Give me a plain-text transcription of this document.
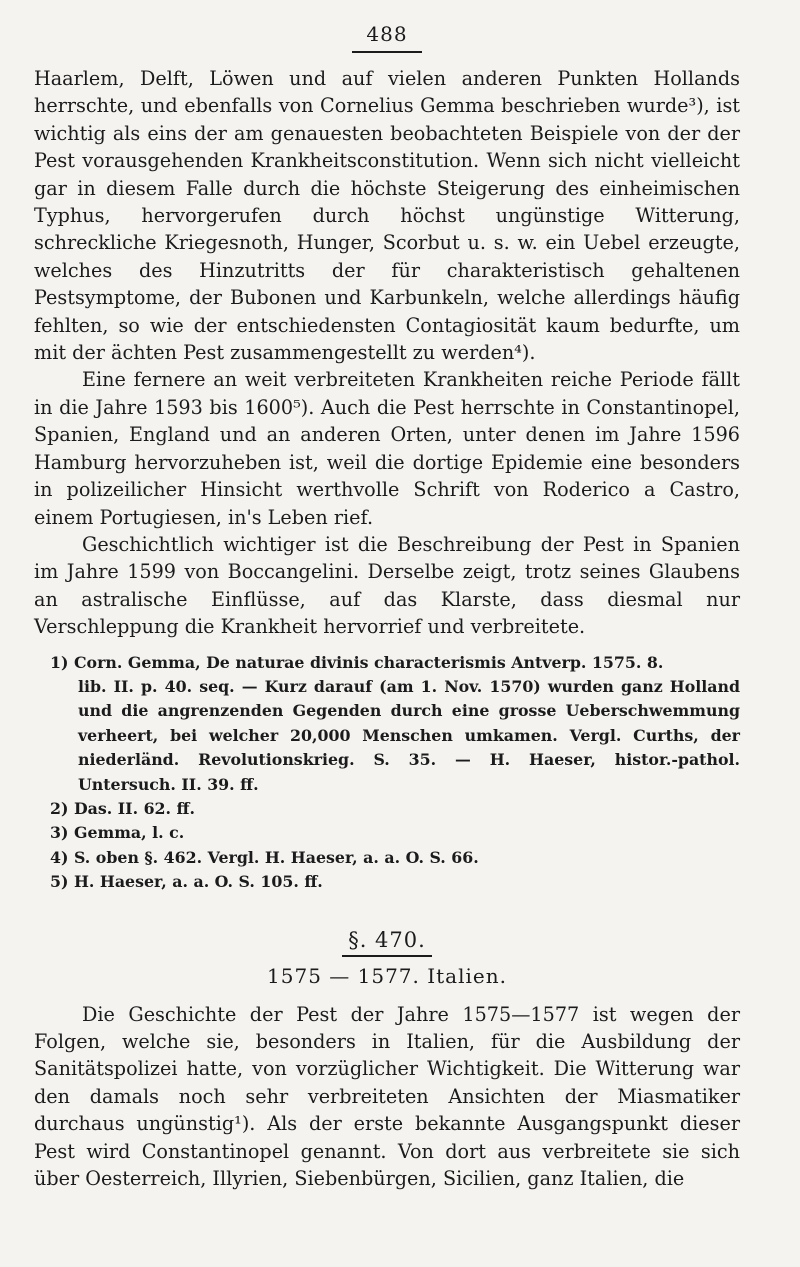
488

Haarlem, Delft, Löwen und auf vielen anderen Punkten Hollands herrschte, und ebenfalls von Cornelius Gemma beschrieben wurde³), ist wichtig als eins der am genauesten beobachteten Beispiele von der der Pest vorausgehenden Krankheitsconstitution. Wenn sich nicht vielleicht gar in diesem Falle durch die höchste Steigerung des einheimischen Typhus, hervorgerufen durch höchst ungünstige Witterung, schreckliche Kriegesnoth, Hunger, Scorbut u. s. w. ein Uebel erzeugte, welches des Hinzutritts der für charakteristisch gehaltenen Pestsymptome, der Bubonen und Karbunkeln, welche allerdings häufig fehlten, so wie der entschiedensten Contagiosität kaum bedurfte, um mit der ächten Pest zusammengestellt zu werden⁴).

Eine fernere an weit verbreiteten Krankheiten reiche Periode fällt in die Jahre 1593 bis 1600⁵). Auch die Pest herrschte in Constantinopel, Spanien, England und an anderen Orten, unter denen im Jahre 1596 Hamburg hervorzuheben ist, weil die dortige Epidemie eine besonders in polizeilicher Hinsicht werthvolle Schrift von Roderico a Castro, einem Portugiesen, in's Leben rief.

Geschichtlich wichtiger ist die Beschreibung der Pest in Spanien im Jahre 1599 von Boccangelini. Derselbe zeigt, trotz seines Glaubens an astralische Einflüsse, auf das Klarste, dass diesmal nur Verschleppung die Krankheit hervorrief und verbreitete.

1) Corn. Gemma, De naturae divinis characterismis Antverp. 1575. 8.
lib. II. p. 40. seq. — Kurz darauf (am 1. Nov. 1570) wurden ganz Holland und die angrenzenden Gegenden durch eine grosse Ueberschwemmung verheert, bei welcher 20,000 Menschen umkamen. Vergl. Curths, der niederländ. Revolutionskrieg. S. 35. — H. Haeser, histor.-pathol. Untersuch. II. 39. ff.

2) Das. II. 62. ff.

3) Gemma, l. c.

4) S. oben §. 462. Vergl. H. Haeser, a. a. O. S. 66.

5) H. Haeser, a. a. O. S. 105. ff.

§. 470.
1575 — 1577. Italien.

Die Geschichte der Pest der Jahre 1575—1577 ist wegen der Folgen, welche sie, besonders in Italien, für die Ausbildung der Sanitätspolizei hatte, von vorzüglicher Wichtigkeit. Die Witterung war den damals noch sehr verbreiteten Ansichten der Miasmatiker durchaus ungünstig¹). Als der erste bekannte Ausgangspunkt dieser Pest wird Constantinopel genannt. Von dort aus verbreitete sie sich über Oesterreich, Illyrien, Siebenbürgen, Sicilien, ganz Italien, die
